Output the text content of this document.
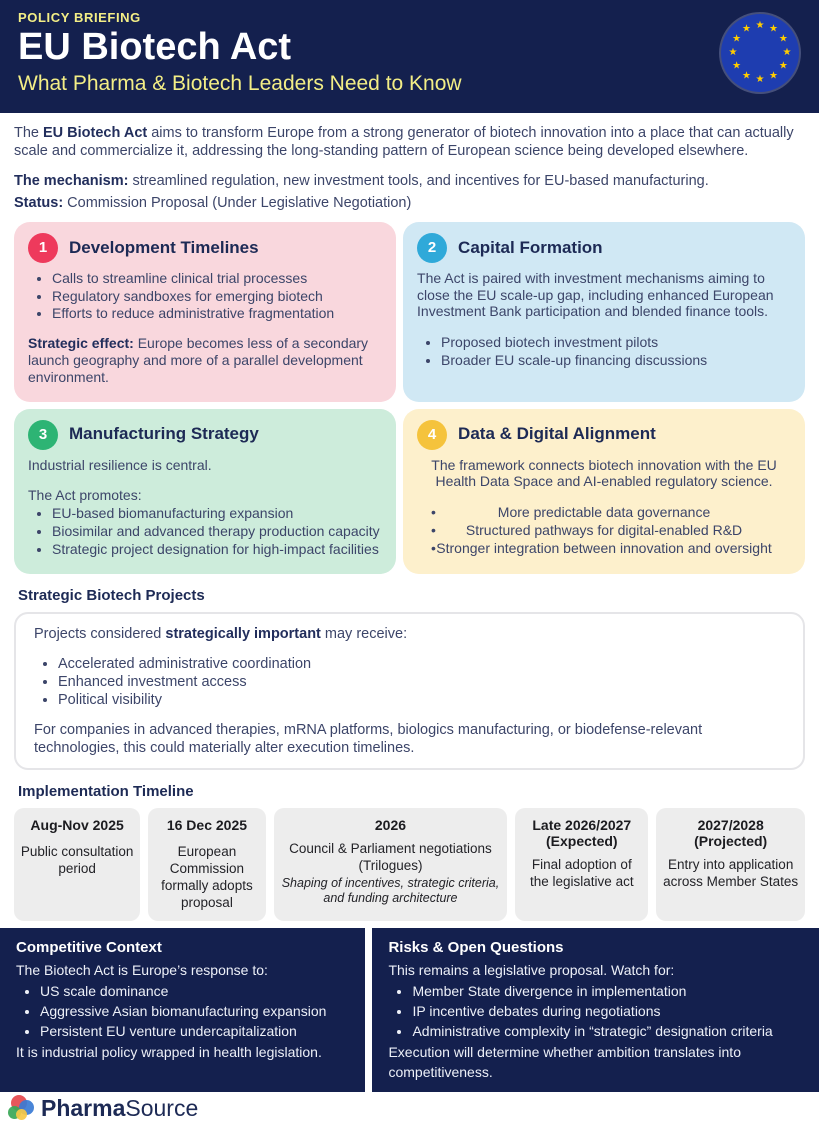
POLICY BRIEFING
EU Biotech Act
What Pharma & Biotech Leaders Need to Know
★ ★
★
★
★
★
★
★
★
★
★
★

The EU Biotech Act aims to transform Europe from a strong generator of biotech innovation into a place that can actually scale and commercialize it, addressing the long-standing pattern of European science being developed elsewhere.

The mechanism: streamlined regulation, new investment tools, and incentives for EU-based manufacturing.

Status: Commission Proposal (Under Legislative Negotiation)

1	Development Timelines
• Calls to streamline clinical trial processes
• Regulatory sandboxes for emerging biotech
• Efforts to reduce administrative fragmentation

Strategic effect: Europe becomes less of a secondary launch geography and more of a parallel development environment.

2	Capital Formation

The Act is paired with investment mechanisms aiming to close the EU scale-up gap, including enhanced European Investment Bank participation and blended finance tools.

• Proposed biotech investment pilots
• Broader EU scale-up financing discussions
3	Manufacturing Strategy

Industrial resilience is central.

The Act promotes:

• EU-based biomanufacturing expansion
• Biosimilar and advanced therapy production capacity
• Strategic project designation for high-impact facilities
4	Data & Digital Alignment

The framework connects biotech innovation with the EU Health Data Space and AI-enabled regulatory science.

• More predictable data governance
• Structured pathways for digital-enabled R&D
• Stronger integration between innovation and oversight
Strategic Biotech Projects

Projects considered strategically important may receive:

• Accelerated administrative coordination
• Enhanced investment access
• Political visibility

For companies in advanced therapies, mRNA platforms, biologics manufacturing, or biodefense-relevant technologies, this could materially alter execution timelines.

Implementation Timeline
Aug-Nov 2025
Public consultation period
16 Dec 2025
European Commission formally adopts proposal
2026
Council & Parliament negotiations (Trilogues)
Shaping of incentives, strategic criteria, and funding architecture
Late 2026/2027
(Expected)
Final adoption of the legislative act
2027/2028
(Projected)
Entry into application across Member States
Competitive Context
The Biotech Act is Europe’s response to:
• US scale dominance
• Aggressive Asian biomanufacturing expansion
• Persistent EU venture undercapitalization
It is industrial policy wrapped in health legislation.
Risks & Open Questions
This remains a legislative proposal. Watch for:
• Member State divergence in implementation
• IP incentive debates during negotiations
• Administrative complexity in “strategic” designation criteria
Execution will determine whether ambition translates into competitiveness.
PharmaSource
